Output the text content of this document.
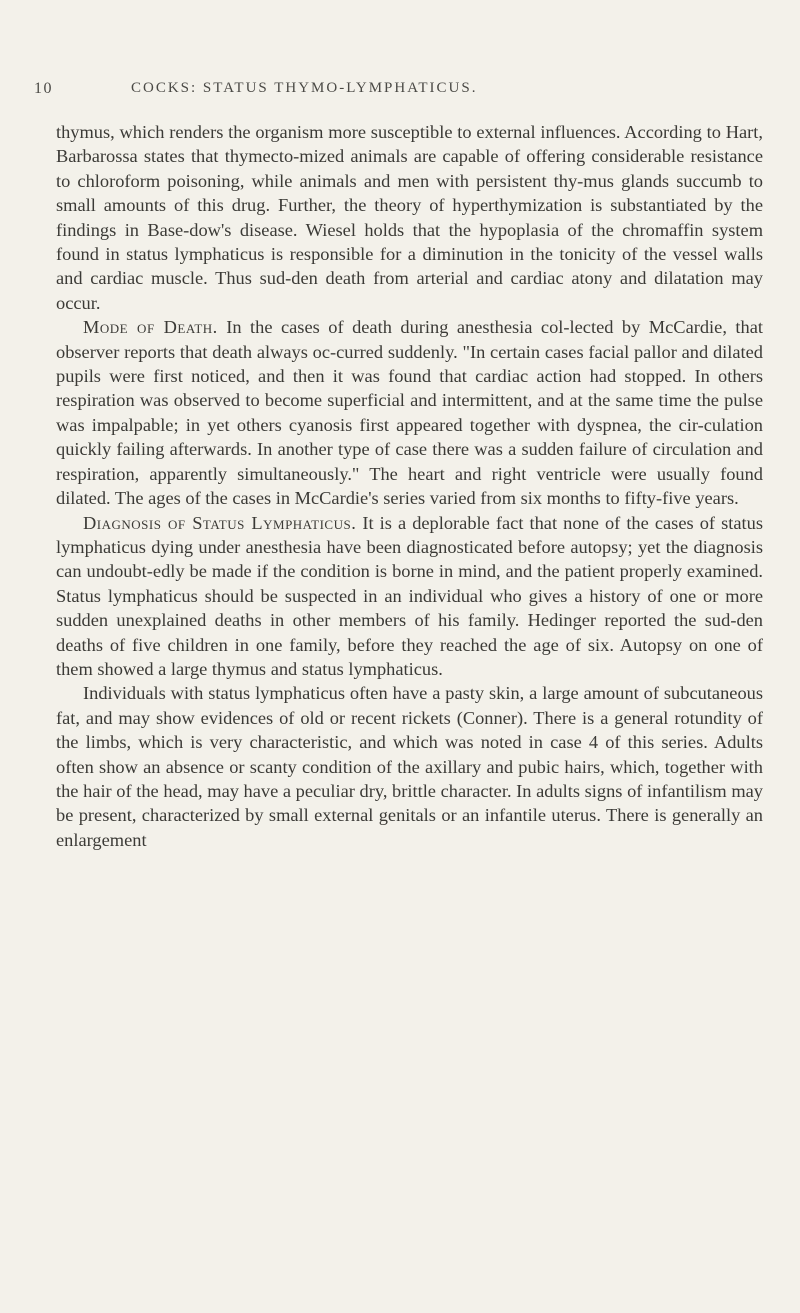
10	COCKS: STATUS THYMO-LYMPHATICUS.

thymus, which renders the organism more susceptible to external influences. According to Hart, Barbarossa states that thymecto-mized animals are capable of offering considerable resistance to chloroform poisoning, while animals and men with persistent thy-mus glands succumb to small amounts of this drug. Further, the theory of hyperthymization is substantiated by the findings in Base-dow's disease. Wiesel holds that the hypoplasia of the chromaffin system found in status lymphaticus is responsible for a diminution in the tonicity of the vessel walls and cardiac muscle. Thus sud-den death from arterial and cardiac atony and dilatation may occur.

Mode of Death. In the cases of death during anesthesia col-lected by McCardie, that observer reports that death always oc-curred suddenly. "In certain cases facial pallor and dilated pupils were first noticed, and then it was found that cardiac action had stopped. In others respiration was observed to become superficial and intermittent, and at the same time the pulse was impalpable; in yet others cyanosis first appeared together with dyspnea, the cir-culation quickly failing afterwards. In another type of case there was a sudden failure of circulation and respiration, apparently simultaneously." The heart and right ventricle were usually found dilated. The ages of the cases in McCardie's series varied from six months to fifty-five years.

Diagnosis of Status Lymphaticus. It is a deplorable fact that none of the cases of status lymphaticus dying under anesthesia have been diagnosticated before autopsy; yet the diagnosis can undoubt-edly be made if the condition is borne in mind, and the patient properly examined. Status lymphaticus should be suspected in an individual who gives a history of one or more sudden unexplained deaths in other members of his family. Hedinger reported the sud-den deaths of five children in one family, before they reached the age of six. Autopsy on one of them showed a large thymus and status lymphaticus.

Individuals with status lymphaticus often have a pasty skin, a large amount of subcutaneous fat, and may show evidences of old or recent rickets (Conner). There is a general rotundity of the limbs, which is very characteristic, and which was noted in case 4 of this series. Adults often show an absence or scanty condition of the axillary and pubic hairs, which, together with the hair of the head, may have a peculiar dry, brittle character. In adults signs of infantilism may be present, characterized by small external genitals or an infantile uterus. There is generally an enlargement
